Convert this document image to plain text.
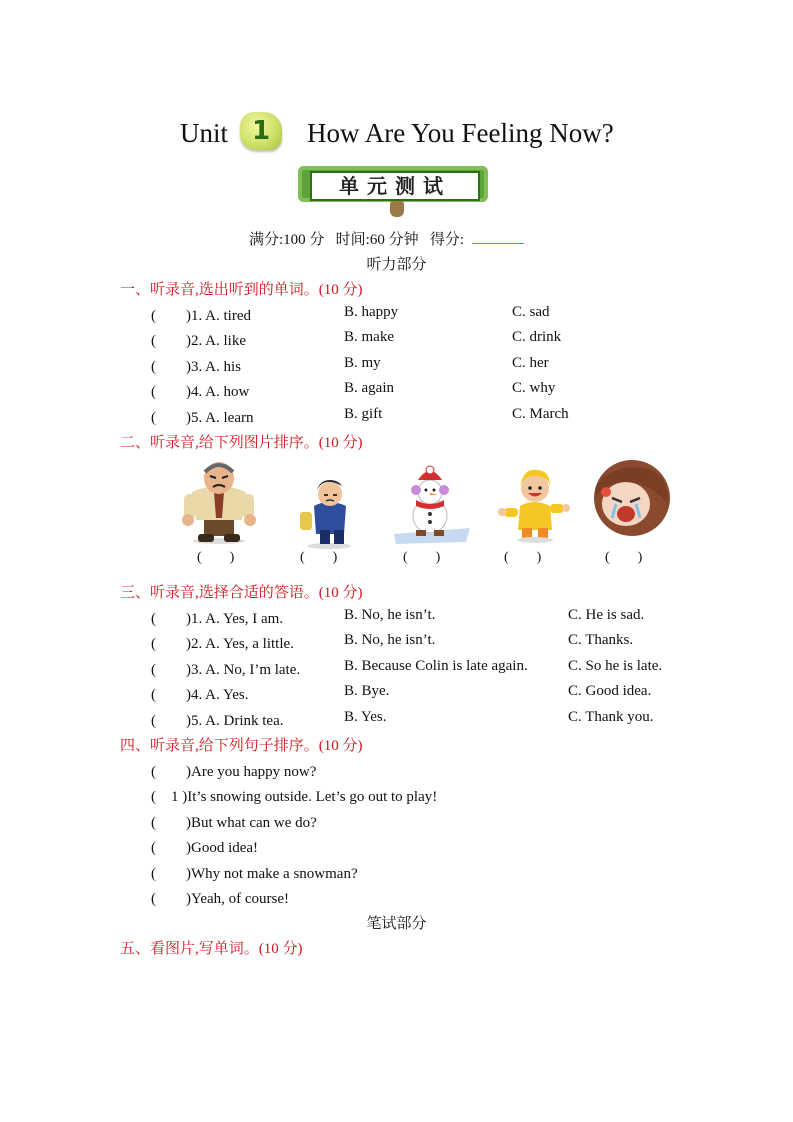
Unit 1	How Are You Feeling Now?
单元测试
满分:100 分 时间:60 分钟 得分:
听力部分
一、听录音,选出听到的单词。(10 分)
(　　)1. A. tired	B. happy	C. sad
(　　)2. A. like	B. make	C. drink
(　　)3. A. his	B. my	C. her
(　　)4. A. how	B. again	C. why
(　　)5. A. learn	B. gift	C. March
二、听录音,给下列图片排序。(10 分)
(　　)	(　　)	(　　)	(　　)	(　　)
三、听录音,选择合适的答语。(10 分)
(　　)1. A. Yes, I am.	B. No, he isn’t.	C. He is sad.
(　　)2. A. Yes, a little.	B. No, he isn’t.	C. Thanks.
(　　)3. A. No, I’m late.	B. Because Colin is late again.	C. So he is late.
(　　)4. A. Yes.	B. Bye.	C. Good idea.
(　　)5. A. Drink tea.	B. Yes.	C. Thank you.
四、听录音,给下列句子排序。(10 分)
(　　)Are you happy now?
(　1 )It’s snowing outside. Let’s go out to play!
(　　)But what can we do?
(　　)Good idea!
(　　)Why not make a snowman?
(　　)Yeah, of course!
笔试部分
五、看图片,写单词。(10 分)
